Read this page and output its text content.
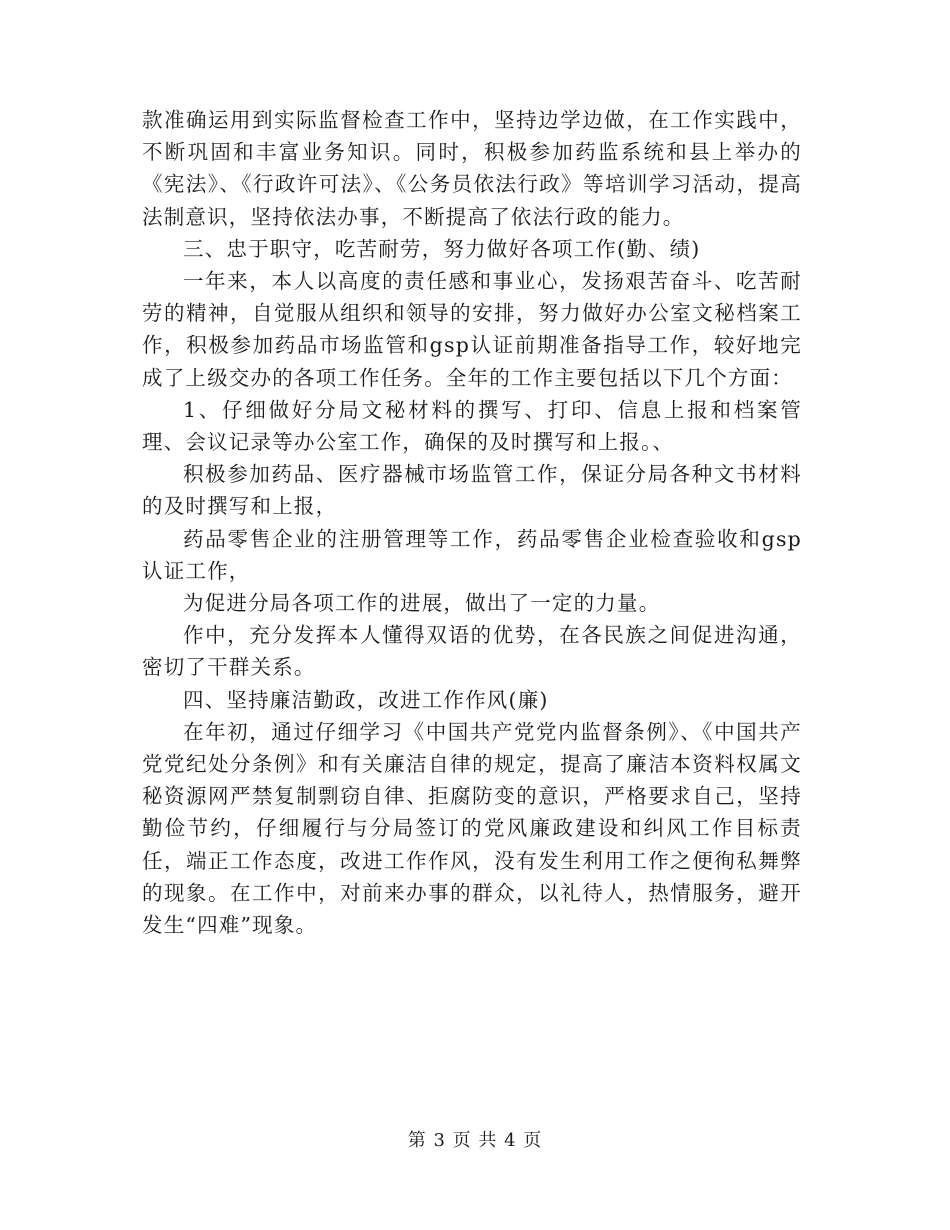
款准确运用到实际监督检查工作中，坚持边学边做，在工作实践中，不断巩固和丰富业务知识。同时，积极参加药监系统和县上举办的《宪法》、《行政许可法》、《公务员依法行政》等培训学习活动，提高法制意识，坚持依法办事，不断提高了依法行政的能力。

三、忠于职守，吃苦耐劳，努力做好各项工作(勤、绩)

一年来，本人以高度的责任感和事业心，发扬艰苦奋斗、吃苦耐劳的精神，自觉服从组织和领导的安排，努力做好办公室文秘档案工作，积极参加药品市场监管和gsp认证前期准备指导工作，较好地完成了上级交办的各项工作任务。全年的工作主要包括以下几个方面：

1、仔细做好分局文秘材料的撰写、打印、信息上报和档案管理、会议记录等办公室工作，确保的及时撰写和上报。、

积极参加药品、医疗器械市场监管工作，保证分局各种文书材料的及时撰写和上报，

药品零售企业的注册管理等工作，药品零售企业检查验收和gsp认证工作，

为促进分局各项工作的进展，做出了一定的力量。

作中，充分发挥本人懂得双语的优势，在各民族之间促进沟通，密切了干群关系。

四、坚持廉洁勤政，改进工作作风(廉)

在年初，通过仔细学习《中国共产党党内监督条例》、《中国共产党党纪处分条例》和有关廉洁自律的规定，提高了廉洁本资料权属文秘资源网严禁复制剽窃自律、拒腐防变的意识，严格要求自己，坚持勤俭节约，仔细履行与分局签订的党风廉政建设和纠风工作目标责任，端正工作态度，改进工作作风，没有发生利用工作之便徇私舞弊的现象。在工作中，对前来办事的群众，以礼待人，热情服务，避开发生“四难”现象。

第 3 页 共 4 页
